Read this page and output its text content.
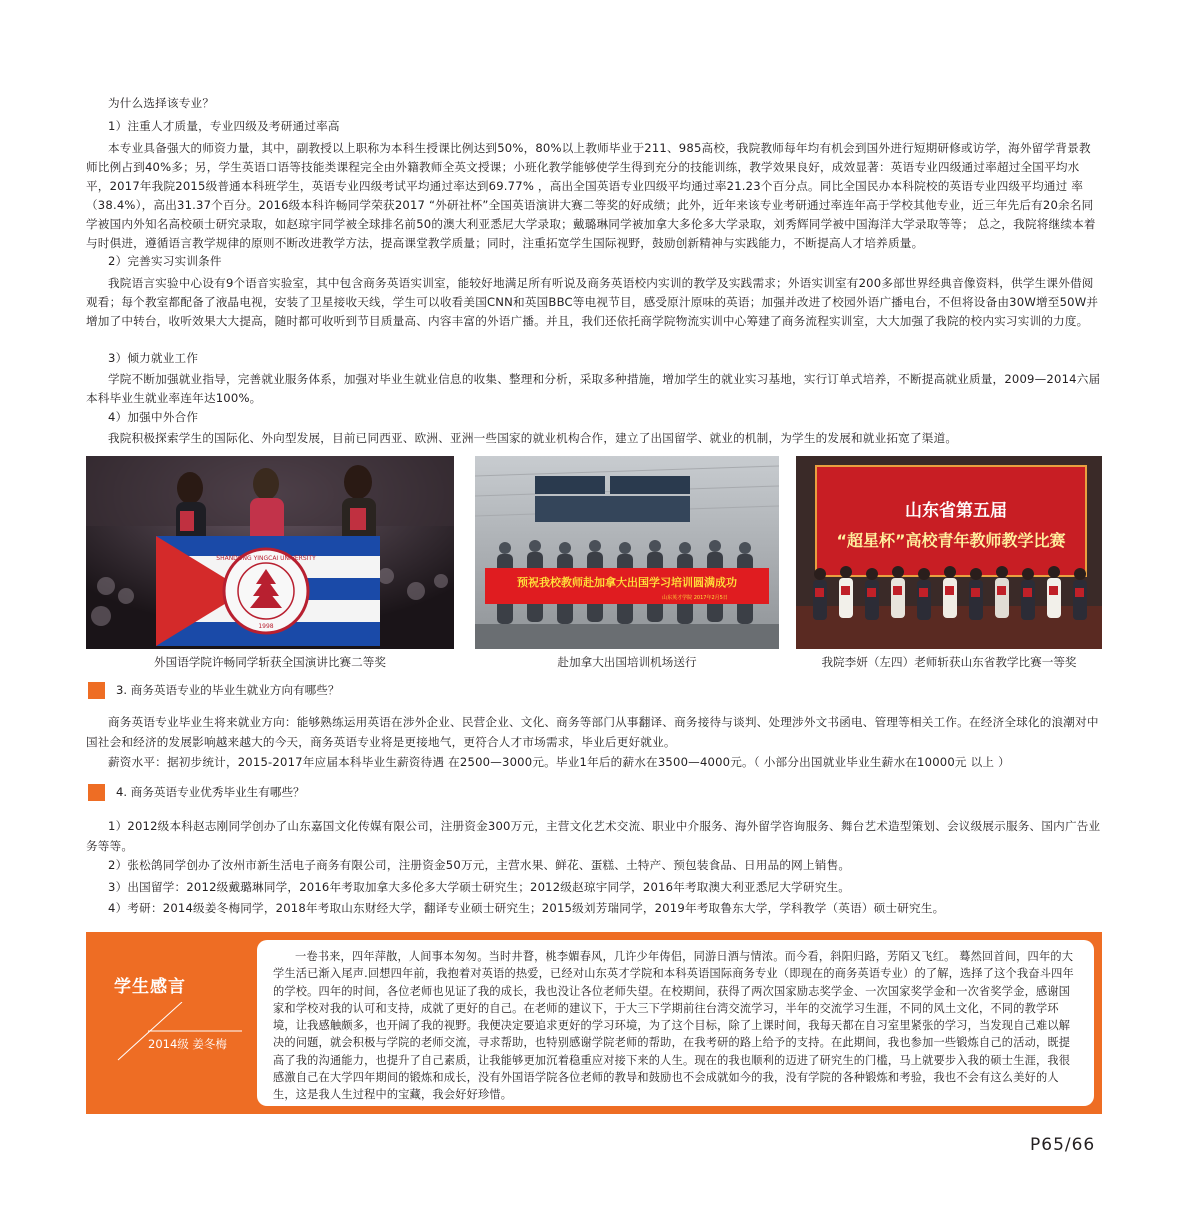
为什么选择该专业？
1）注重人才质量，专业四级及考研通过率高
本专业具备强大的师资力量，其中，副教授以上职称为本科生授课比例达到50%，80%以上教师毕业于211、985高校，我院教师每年均有机会到国外进行短期研修或访学，海外留学背景教师比例占到40%多；另，学生英语口语等技能类课程完全由外籍教师全英文授课；小班化教学能够使学生得到充分的技能训练，教学效果良好，成效显著：英语专业四级通过率超过全国平均水平，2017年我院2015级普通本科班学生，英语专业四级考试平均通过率达到69.77% ，高出全国英语专业四级平均通过率21.23个百分点。同比全国民办本科院校的英语专业四级平均通过 率（38.4%），高出31.37个百分。2016级本科许畅同学荣获2017 “外研社杯”全国英语演讲大赛二等奖的好成绩；此外，近年来该专业考研通过率连年高于学校其他专业，近三年先后有20余名同学被国内外知名高校硕士研究录取，如赵琼宇同学被全球排名前50的澳大利亚悉尼大学录取；戴璐琳同学被加拿大多伦多大学录取，刘秀辉同学被中国海洋大学录取等等； 总之，我院将继续本着与时俱进，遵循语言教学规律的原则不断改进教学方法，提高课堂教学质量；同时，注重拓宽学生国际视野，鼓励创新精神与实践能力，不断提高人才培养质量。
2）完善实习实训条件
我院语言实验中心设有9个语音实验室，其中包含商务英语实训室，能较好地满足所有听说及商务英语校内实训的教学及实践需求；外语实训室有200多部世界经典音像资料，供学生课外借阅观看；每个教室都配备了液晶电视，安装了卫星接收天线，学生可以收看美国CNN和英国BBC等电视节目，感受原汁原味的英语；加强并改进了校园外语广播电台，不但将设备由30W增至50W并增加了中转台，收听效果大大提高，随时都可收听到节目质量高、内容丰富的外语广播。并且，我们还依托商学院物流实训中心筹建了商务流程实训室，大大加强了我院的校内实习实训的力度。
3）倾力就业工作
学院不断加强就业指导，完善就业服务体系，加强对毕业生就业信息的收集、整理和分析，采取多种措施，增加学生的就业实习基地，实行订单式培养，不断提高就业质量，2009—2014六届本科毕业生就业率连年达100%。
4）加强中外合作
我院积极探索学生的国际化、外向型发展，目前已同西亚、欧洲、亚洲一些国家的就业机构合作，建立了出国留学、就业的机制，为学生的发展和就业拓宽了渠道。
SHANDONG YINGCAI UNIVERSITY
1998
外国语学院许畅同学斩获全国演讲比赛二等奖
预祝我校教师赴加拿大出国学习培训圆满成功
山东英才学院 2017年2月5日
赴加拿大出国培训机场送行
山东省第五届
“超星杯”高校青年教师教学比赛
我院李妍（左四）老师斩获山东省教学比赛一等奖
3. 商务英语专业的毕业生就业方向有哪些？
商务英语专业毕业生将来就业方向：能够熟练运用英语在涉外企业、民营企业、文化、商务等部门从事翻译、商务接待与谈判、处理涉外文书函电、管理等相关工作。在经济全球化的浪潮对中国社会和经济的发展影响越来越大的今天，商务英语专业将是更接地气，更符合人才市场需求，毕业后更好就业。
薪资水平：据初步统计，2015-2017年应届本科毕业生薪资待遇 在2500—3000元。毕业1年后的薪水在3500—4000元。（ 小部分出国就业毕业生薪水在10000元 以上 ）
4. 商务英语专业优秀毕业生有哪些？
1）2012级本科赵志刚同学创办了山东嘉国文化传媒有限公司，注册资金300万元，主营文化艺术交流、职业中介服务、海外留学咨询服务、舞台艺术造型策划、会议级展示服务、国内广告业务等等。
2）张松鸽同学创办了汝州市新生活电子商务有限公司，注册资金50万元，主营水果、鲜花、蛋糕、土特产、预包装食品、日用品的网上销售。
3）出国留学：2012级戴璐琳同学，2016年考取加拿大多伦多大学硕士研究生；2012级赵琼宇同学，2016年考取澳大利亚悉尼大学研究生。
4）考研：2014级姜冬梅同学，2018年考取山东财经大学，翻译专业硕士研究生；2015级刘芳瑞同学，2019年考取鲁东大学，学科教学（英语）硕士研究生。
学生感言
2014级 姜冬梅
一卷书来，四年萍散，人间事本匆匆。当时井瞀，桃李媚春风，几许少年俦侣，同游日酒与情浓。而今看，斜阳归路，芳陌又飞红。 蓦然回首间，四年的大学生活已渐入尾声.回想四年前，我抱着对英语的热爱，已经对山东英才学院和本科英语国际商务专业（即现在的商务英语专业）的了解，选择了这个我奋斗四年的学校。四年的时间，各位老师也见证了我的成长，我也没让各位老师失望。在校期间，获得了两次国家励志奖学金、一次国家奖学金和一次省奖学金，感谢国家和学校对我的认可和支持，成就了更好的自己。在老师的建议下，于大三下学期前往台湾交流学习，半年的交流学习生涯，不同的风土文化，不同的教学环境，让我感触颇多，也开阔了我的视野。我便决定要追求更好的学习环境，为了这个目标，除了上课时间，我每天都在自习室里紧张的学习，当发现自己难以解决的问题，就会积极与学院的老师交流，寻求帮助，也特别感谢学院老师的帮助，在我考研的路上给予的支持。在此期间，我也参加一些锻炼自己的活动，既提高了我的沟通能力，也提升了自己素质，让我能够更加沉着稳重应对接下来的人生。现在的我也顺利的迈进了研究生的门槛，马上就要步入我的硕士生涯，我很感激自己在大学四年期间的锻炼和成长，没有外国语学院各位老师的教导和鼓励也不会成就如今的我，没有学院的各种锻炼和考验，我也不会有这么美好的人生，这是我人生过程中的宝藏，我会好好珍惜。
P65/66
